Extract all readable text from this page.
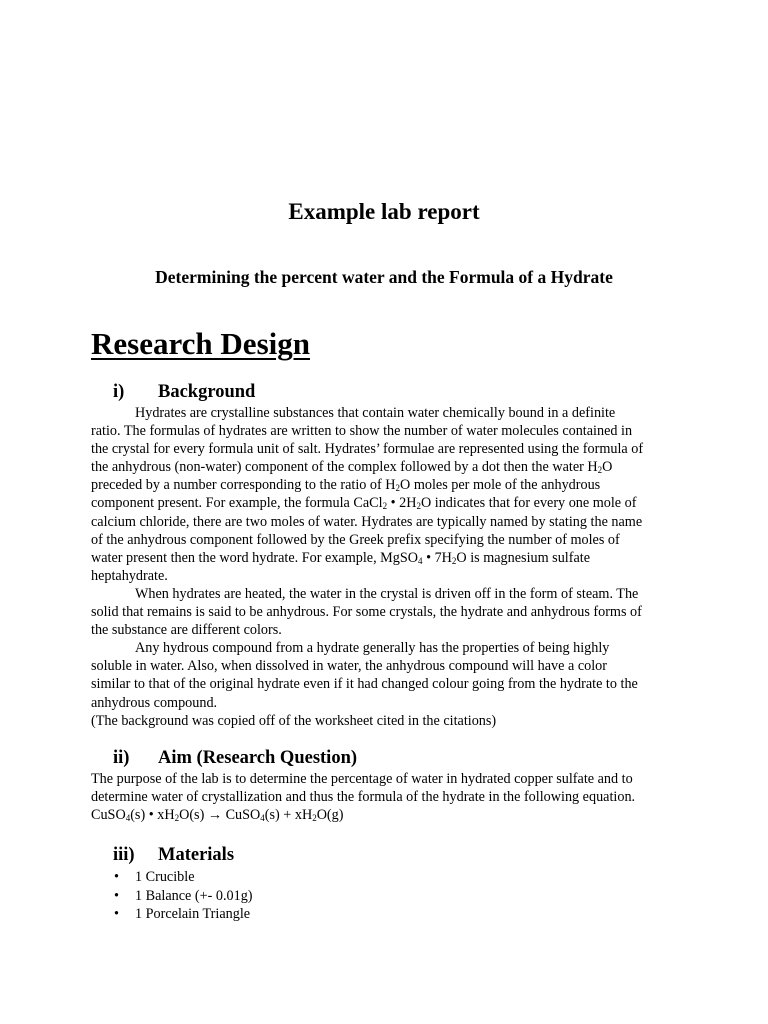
Example lab report
Determining the percent water and the Formula of a Hydrate
Research Design
i) Background
Hydrates are crystalline substances that contain water chemically bound in a definite
ratio. The formulas of hydrates are written to show the number of water molecules contained in
the crystal for every formula unit of salt. Hydrates’ formulae are represented using the formula of
the anhydrous (non-water) component of the complex followed by a dot then the water $H_2O$
preceded by a number corresponding to the ratio of $H_2O$ moles per mole of the anhydrous
component present. For example, the formula CaCl$_2$ • $2H_2O$ indicates that for every one mole of
calcium chloride, there are two moles of water. Hydrates are typically named by stating the name
of the anhydrous component followed by the Greek prefix specifying the number of moles of
water present then the word hydrate. For example, MgSO$_4$ • $7H_2O$ is magnesium sulfate
heptahydrate.
When hydrates are heated, the water in the crystal is driven off in the form of steam. The
solid that remains is said to be anhydrous. For some crystals, the hydrate and anhydrous forms of
the substance are different colors.
Any hydrous compound from a hydrate generally has the properties of being highly
soluble in water. Also, when dissolved in water, the anhydrous compound will have a color
similar to that of the original hydrate even if it had changed colour going from the hydrate to the
anhydrous compound.
(The background was copied off of the worksheet cited in the citations)
ii) Aim (Research Question)
The purpose of the lab is to determine the percentage of water in hydrated copper sulfate and to
determine water of crystallization and thus the formula of the hydrate in the following equation.
CuSO$_4$(s) • $xH_2O(s)$ → CuSO$_4$(s) + $xH_2O(g)$
iii) Materials
• 1 Crucible
• 1 Balance (+- 0.01g)
• 1 Porcelain Triangle
